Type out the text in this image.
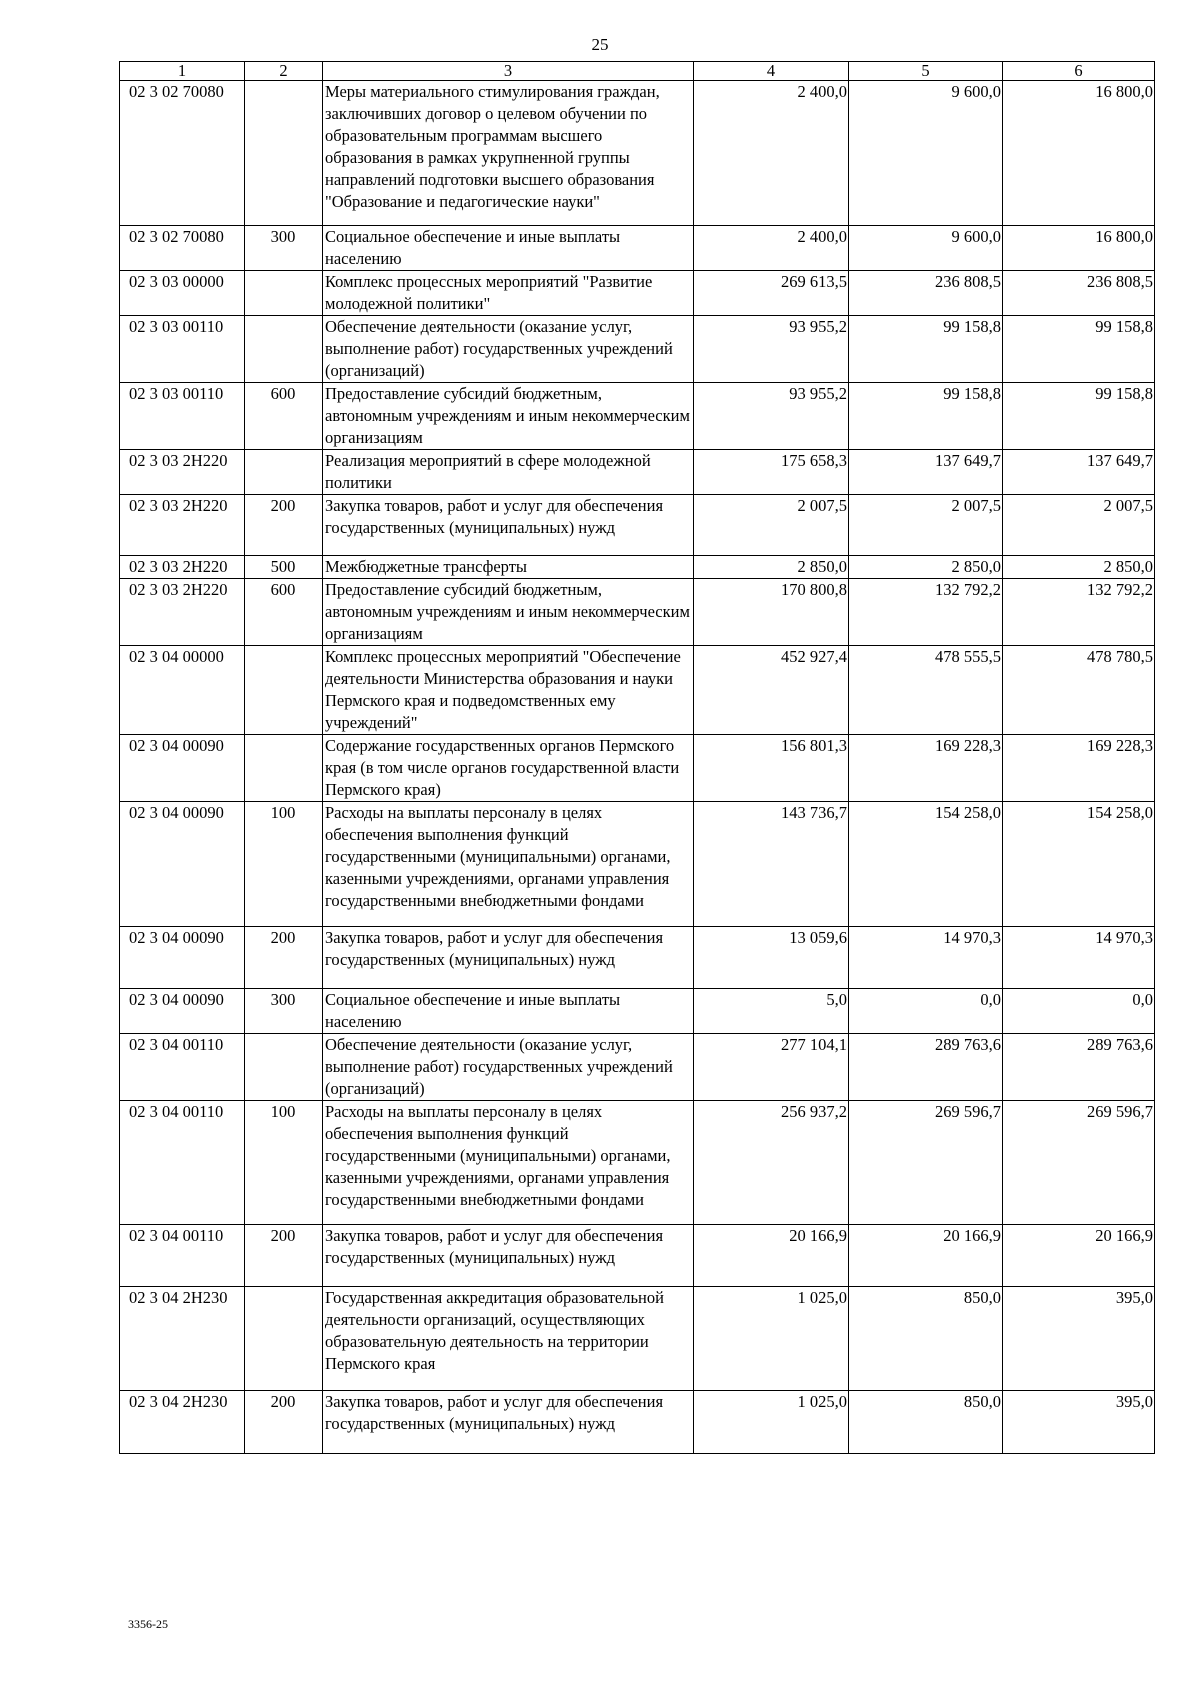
25
1	2	3	4	5	6
02 3 02 70080		Меры материального стимулирования граждан, заключивших договор о целевом обучении по образовательным программам высшего образования в рамках укрупненной группы направлений подготовки высшего образования "Образование и педагогические науки"	2 400,0	9 600,0	16 800,0
02 3 02 70080	300	Социальное обеспечение и иные выплаты населению	2 400,0	9 600,0	16 800,0
02 3 03 00000		Комплекс процессных мероприятий "Развитие молодежной политики"	269 613,5	236 808,5	236 808,5
02 3 03 00110		Обеспечение деятельности (оказание услуг, выполнение работ) государственных учреждений (организаций)	93 955,2	99 158,8	99 158,8
02 3 03 00110	600	Предоставление субсидий бюджетным, автономным учреждениям и иным некоммерческим организациям	93 955,2	99 158,8	99 158,8
02 3 03 2Н220		Реализация мероприятий в сфере молодежной политики	175 658,3	137 649,7	137 649,7
02 3 03 2Н220	200	Закупка товаров, работ и услуг для обеспечения государственных (муниципальных) нужд	2 007,5	2 007,5	2 007,5
02 3 03 2Н220	500	Межбюджетные трансферты	2 850,0	2 850,0	2 850,0
02 3 03 2Н220	600	Предоставление субсидий бюджетным, автономным учреждениям и иным некоммерческим организациям	170 800,8	132 792,2	132 792,2
02 3 04 00000		Комплекс процессных мероприятий "Обеспечение деятельности Министерства образования и науки Пермского края и подведомственных ему учреждений"	452 927,4	478 555,5	478 780,5
02 3 04 00090		Содержание государственных органов Пермского края (в том числе органов государственной власти Пермского края)	156 801,3	169 228,3	169 228,3
02 3 04 00090	100	Расходы на выплаты персоналу в целях обеспечения выполнения функций государственными (муниципальными) органами, казенными учреждениями, органами управления государственными внебюджетными фондами	143 736,7	154 258,0	154 258,0
02 3 04 00090	200	Закупка товаров, работ и услуг для обеспечения государственных (муниципальных) нужд	13 059,6	14 970,3	14 970,3
02 3 04 00090	300	Социальное обеспечение и иные выплаты населению	5,0	0,0	0,0
02 3 04 00110		Обеспечение деятельности (оказание услуг, выполнение работ) государственных учреждений (организаций)	277 104,1	289 763,6	289 763,6
02 3 04 00110	100	Расходы на выплаты персоналу в целях обеспечения выполнения функций государственными (муниципальными) органами, казенными учреждениями, органами управления государственными внебюджетными фондами	256 937,2	269 596,7	269 596,7
02 3 04 00110	200	Закупка товаров, работ и услуг для обеспечения государственных (муниципальных) нужд	20 166,9	20 166,9	20 166,9
02 3 04 2Н230		Государственная аккредитация образовательной деятельности организаций, осуществляющих образовательную деятельность на территории Пермского края	1 025,0	850,0	395,0
02 3 04 2Н230	200	Закупка товаров, работ и услуг для обеспечения государственных (муниципальных) нужд	1 025,0	850,0	395,0
3356-25
